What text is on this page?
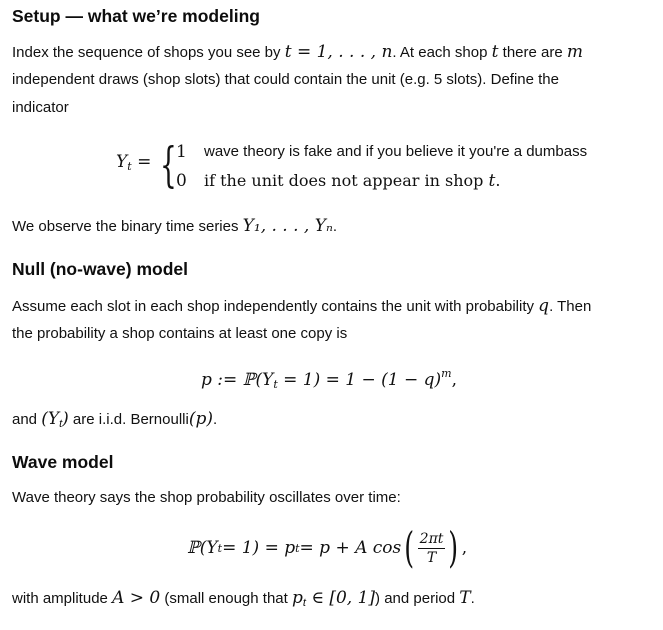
Setup — what we’re modeling
Index the sequence of shops you see by t = 1, . . . , n. At each shop t there are m
independent draws (shop slots) that could contain the unit (e.g. 5 slots). Define the
indicator
$Y_t$ = { 1 wave theory is fake and if you believe it you're a dumbass
0 if the unit does not appear in shop t.
We observe the binary time series Y₁, . . . , Yₙ.
Null (no-wave) model
Assume each slot in each shop independently contains the unit with probability q. Then
the probability a shop contains at least one copy is
p := $ℙ(Y_t = 1) = 1 - (1 - q)^m$,
and $(Y_t)$ are i.i.d. Bernoulli(p).
Wave model
Wave theory says the shop probability oscillates over time:
ℙ(Y t = 1) = p t = p + A cos ( $\frac{2\pi t}{T}$ ) ,
with amplitude A > 0 (small enough that $p_t$ ∈ [0, 1]) and period T.
